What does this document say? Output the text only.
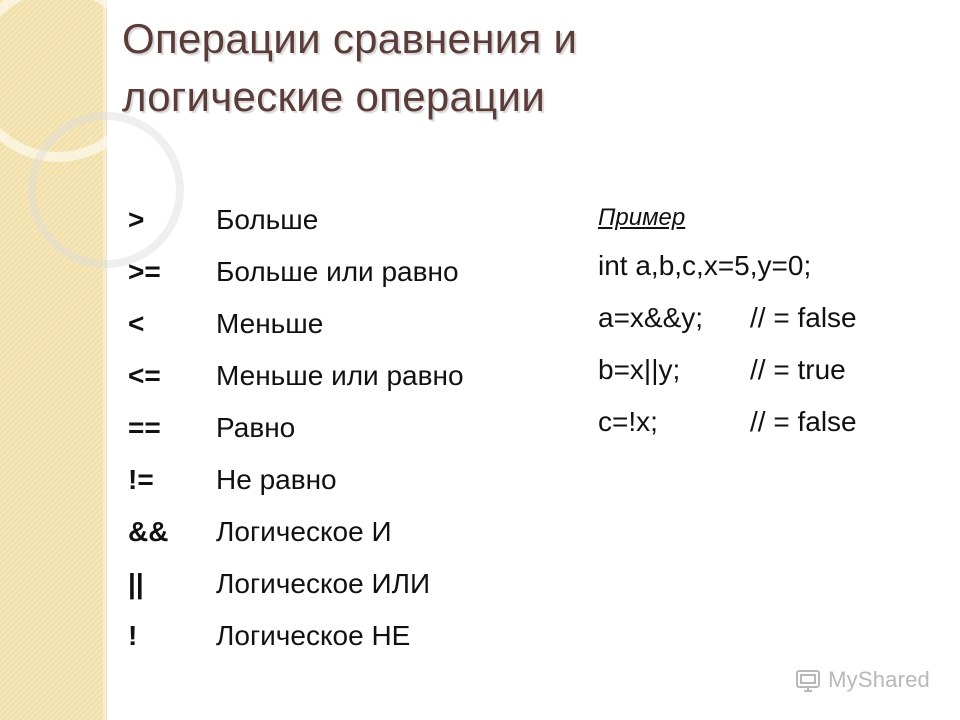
Операции сравнения и
логические операции
>	Больше
>=	Больше или равно
<	Меньше
<=	Меньше или равно
==	Равно
!=	Не равно
&&	Логическое И
||	Логическое ИЛИ
!	Логическое НЕ
Пример
int a,b,c,x=5,y=0;
a=x&&y;	// = false
b=x||y;	// = true
c=!x;	// = false
MyShared
